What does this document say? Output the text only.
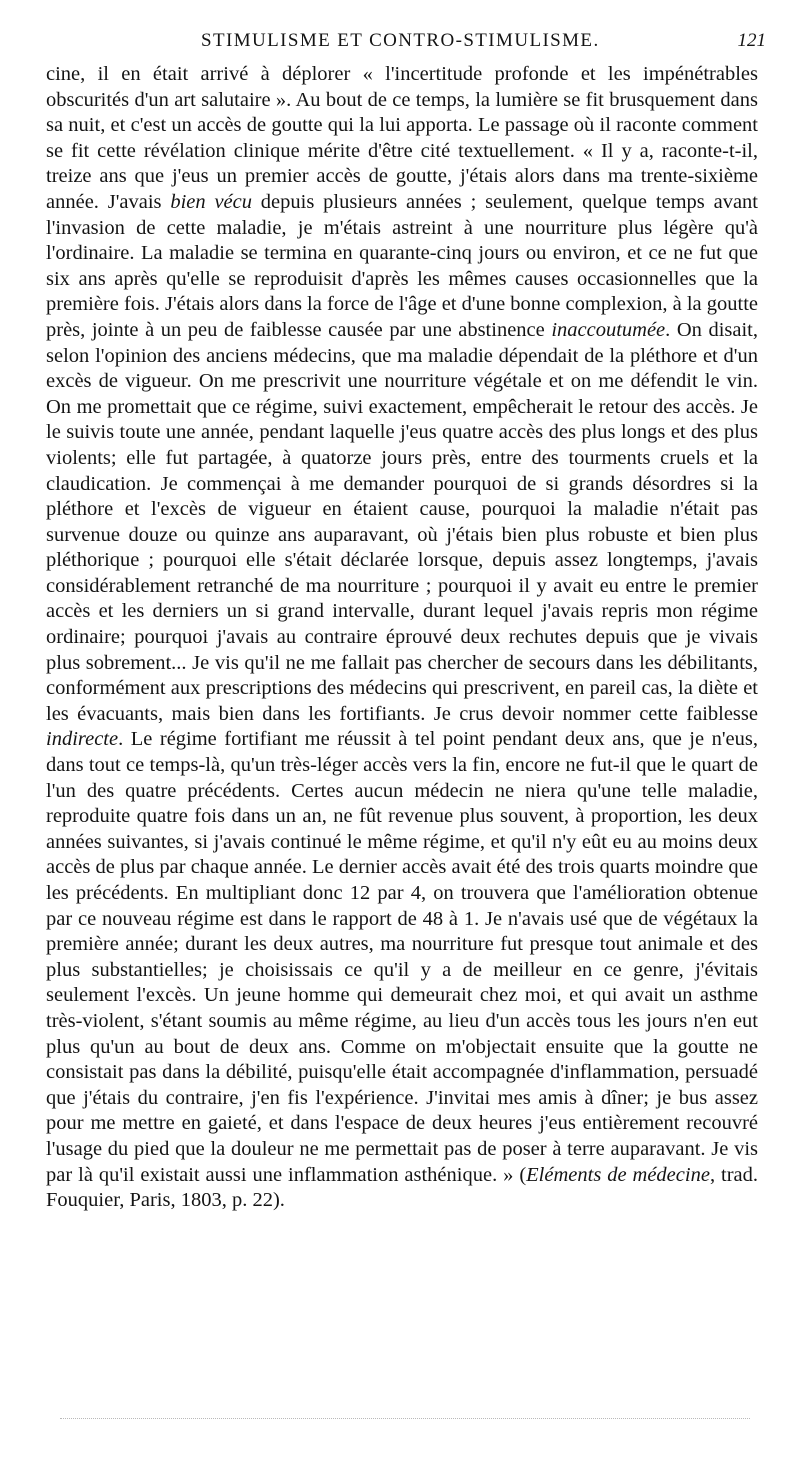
STIMULISME ET CONTRO-STIMULISME.	121

cine, il en était arrivé à déplorer « l'incertitude profonde et les impénétrables obscurités d'un art salutaire ». Au bout de ce temps, la lumière se fit brusquement dans sa nuit, et c'est un accès de goutte qui la lui apporta. Le passage où il raconte comment se fit cette révélation clinique mérite d'être cité textuellement. « Il y a, raconte-t-il, treize ans que j'eus un premier accès de goutte, j'étais alors dans ma trente-sixième année. J'avais bien vécu depuis plusieurs années ; seulement, quelque temps avant l'invasion de cette maladie, je m'étais astreint à une nourriture plus légère qu'à l'ordinaire. La maladie se termina en quarante-cinq jours ou environ, et ce ne fut que six ans après qu'elle se reproduisit d'après les mêmes causes occasionnelles que la première fois. J'étais alors dans la force de l'âge et d'une bonne complexion, à la goutte près, jointe à un peu de faiblesse causée par une abstinence inaccoutumée. On disait, selon l'opinion des anciens médecins, que ma maladie dépendait de la pléthore et d'un excès de vigueur. On me prescrivit une nourriture végétale et on me défendit le vin. On me promettait que ce régime, suivi exactement, empêcherait le retour des accès. Je le suivis toute une année, pendant laquelle j'eus quatre accès des plus longs et des plus violents; elle fut partagée, à quatorze jours près, entre des tourments cruels et la claudication. Je commençai à me demander pourquoi de si grands désordres si la pléthore et l'excès de vigueur en étaient cause, pourquoi la maladie n'était pas survenue douze ou quinze ans auparavant, où j'étais bien plus robuste et bien plus pléthorique ; pourquoi elle s'était déclarée lorsque, depuis assez longtemps, j'avais considérablement retranché de ma nourriture ; pourquoi il y avait eu entre le premier accès et les derniers un si grand intervalle, durant lequel j'avais repris mon régime ordinaire; pourquoi j'avais au contraire éprouvé deux rechutes depuis que je vivais plus sobrement... Je vis qu'il ne me fallait pas chercher de secours dans les débilitants, conformément aux prescriptions des médecins qui prescrivent, en pareil cas, la diète et les évacuants, mais bien dans les fortifiants. Je crus devoir nommer cette faiblesse indirecte. Le régime fortifiant me réussit à tel point pendant deux ans, que je n'eus, dans tout ce temps-là, qu'un très-léger accès vers la fin, encore ne fut-il que le quart de l'un des quatre précédents. Certes aucun médecin ne niera qu'une telle maladie, reproduite quatre fois dans un an, ne fût revenue plus souvent, à proportion, les deux années suivantes, si j'avais continué le même régime, et qu'il n'y eût eu au moins deux accès de plus par chaque année. Le dernier accès avait été des trois quarts moindre que les précédents. En multipliant donc 12 par 4, on trouvera que l'amélioration obtenue par ce nouveau régime est dans le rapport de 48 à 1. Je n'avais usé que de végétaux la première année; durant les deux autres, ma nourriture fut presque tout animale et des plus substantielles; je choisissais ce qu'il y a de meilleur en ce genre, j'évitais seulement l'excès. Un jeune homme qui demeurait chez moi, et qui avait un asthme très-violent, s'étant soumis au même régime, au lieu d'un accès tous les jours n'en eut plus qu'un au bout de deux ans. Comme on m'objectait ensuite que la goutte ne consistait pas dans la débilité, puisqu'elle était accompagnée d'inflammation, persuadé que j'étais du contraire, j'en fis l'expérience. J'invitai mes amis à dîner; je bus assez pour me mettre en gaieté, et dans l'espace de deux heures j'eus entièrement recouvré l'usage du pied que la douleur ne me permettait pas de poser à terre auparavant. Je vis par là qu'il existait aussi une inflammation asthénique. » (Eléments de médecine, trad. Fouquier, Paris, 1803, p. 22).
